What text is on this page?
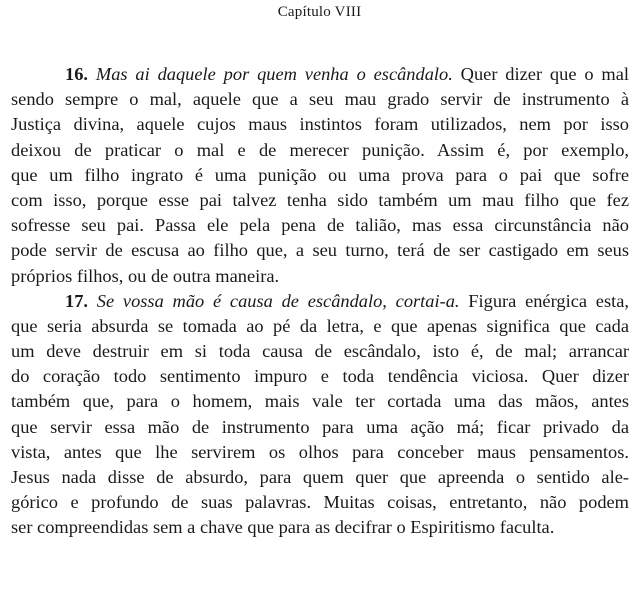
Capítulo VIII
16. Mas ai daquele por quem venha o escândalo. Quer dizer que o mal
sendo sempre o mal, aquele que a seu mau grado servir de instrumento à
Justiça divina, aquele cujos maus instintos foram utilizados, nem por isso
deixou de praticar o mal e de merecer punição. Assim é, por exemplo,
que um filho ingrato é uma punição ou uma prova para o pai que sofre
com isso, porque esse pai talvez tenha sido também um mau filho que fez
sofresse seu pai. Passa ele pela pena de talião, mas essa circunstância não
pode servir de escusa ao filho que, a seu turno, terá de ser castigado em seus
próprios filhos, ou de outra maneira.
17. Se vossa mão é causa de escândalo, cortai-a. Figura enérgica esta,
que seria absurda se tomada ao pé da letra, e que apenas significa que cada
um deve destruir em si toda causa de escândalo, isto é, de mal; arrancar
do coração todo sentimento impuro e toda tendência viciosa. Quer dizer
também que, para o homem, mais vale ter cortada uma das mãos, antes
que servir essa mão de instrumento para uma ação má; ficar privado da
vista, antes que lhe servirem os olhos para conceber maus pensamentos.
Jesus nada disse de absurdo, para quem quer que apreenda o sentido ale-
górico e profundo de suas palavras. Muitas coisas, entretanto, não podem
ser compreendidas sem a chave que para as decifrar o Espiritismo faculta.
